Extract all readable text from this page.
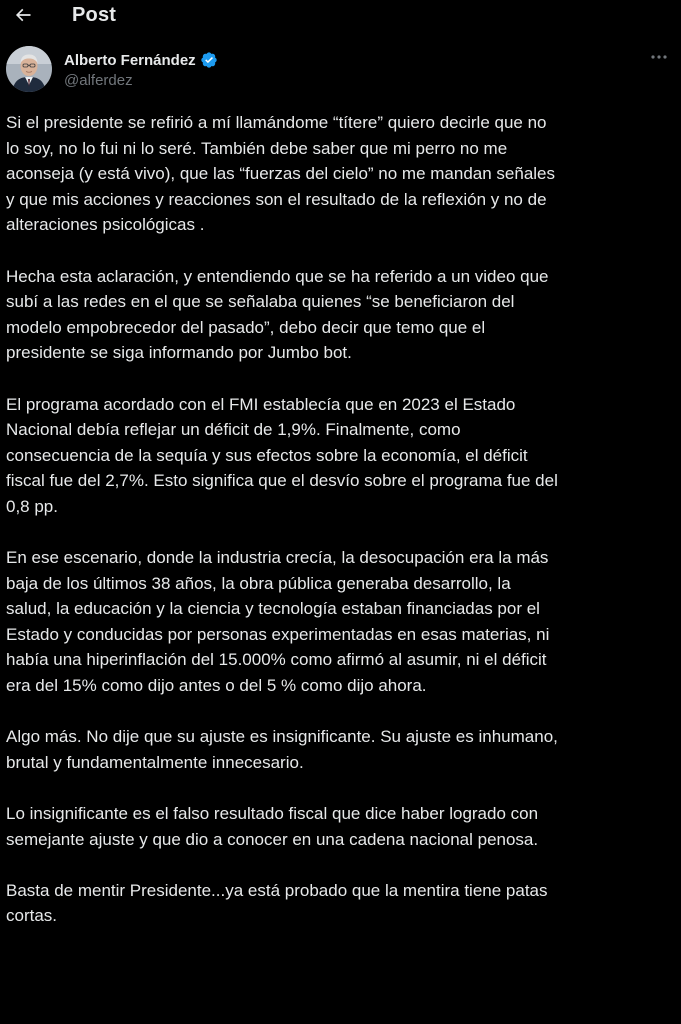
Post
Alberto Fernández
@alferdez

Si el presidente se refirió a mí llamándome “títere” quiero decirle que no
lo soy, no lo fui ni lo seré. También debe saber que mi perro no me
aconseja (y está vivo), que las “fuerzas del cielo” no me mandan señales
y que mis acciones y reacciones son el resultado de la reflexión y no de
alteraciones psicológicas .

Hecha esta aclaración, y entendiendo que se ha referido a un video que
subí a las redes en el que se señalaba quienes “se beneficiaron del
modelo empobrecedor del pasado”, debo decir que temo que el
presidente se siga informando por Jumbo bot.

El programa acordado con el FMI establecía que en 2023 el Estado
Nacional debía reflejar un déficit de 1,9%. Finalmente, como
consecuencia de la sequía y sus efectos sobre la economía, el déficit
fiscal fue del 2,7%. Esto significa que el desvío sobre el programa fue del
0,8 pp.

En ese escenario, donde la industria crecía, la desocupación era la más
baja de los últimos 38 años, la obra pública generaba desarrollo, la
salud, la educación y la ciencia y tecnología estaban financiadas por el
Estado y conducidas por personas experimentadas en esas materias, ni
había una hiperinflación del 15.000% como afirmó al asumir, ni el déficit
era del 15% como dijo antes o del 5 % como dijo ahora.

Algo más. No dije que su ajuste es insignificante. Su ajuste es inhumano,
brutal y fundamentalmente innecesario.

Lo insignificante es el falso resultado fiscal que dice haber logrado con
semejante ajuste y que dio a conocer en una cadena nacional penosa.

Basta de mentir Presidente...ya está probado que la mentira tiene patas
cortas.
